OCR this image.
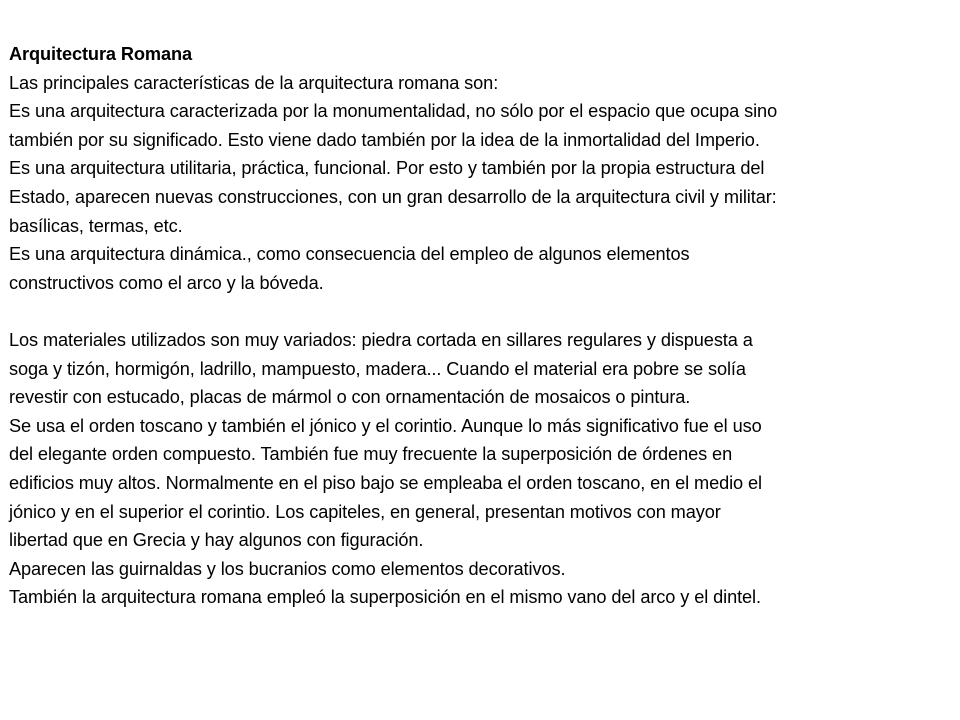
Arquitectura Romana
Las principales características de la arquitectura romana son:
Es una arquitectura caracterizada por la monumentalidad, no sólo por el espacio que ocupa sino
también por su significado. Esto viene dado también por la idea de la inmortalidad del Imperio.
Es una arquitectura utilitaria, práctica, funcional. Por esto y también por la propia estructura del
Estado, aparecen nuevas construcciones, con un gran desarrollo de la arquitectura civil y militar:
basílicas, termas, etc.
Es una arquitectura dinámica., como consecuencia del empleo de algunos elementos
constructivos como el arco y la bóveda.
Los materiales utilizados son muy variados: piedra cortada en sillares regulares y dispuesta a
soga y tizón, hormigón, ladrillo, mampuesto, madera... Cuando el material era pobre se solía
revestir con estucado, placas de mármol o con ornamentación de mosaicos o pintura.
Se usa el orden toscano y también el jónico y el corintio. Aunque lo más significativo fue el uso
del elegante orden compuesto. También fue muy frecuente la superposición de órdenes en
edificios muy altos. Normalmente en el piso bajo se empleaba el orden toscano, en el medio el
jónico y en el superior el corintio. Los capiteles, en general, presentan motivos con mayor
libertad que en Grecia y hay algunos con figuración.
Aparecen las guirnaldas y los bucranios como elementos decorativos.
También la arquitectura romana empleó la superposición en el mismo vano del arco y el dintel.
